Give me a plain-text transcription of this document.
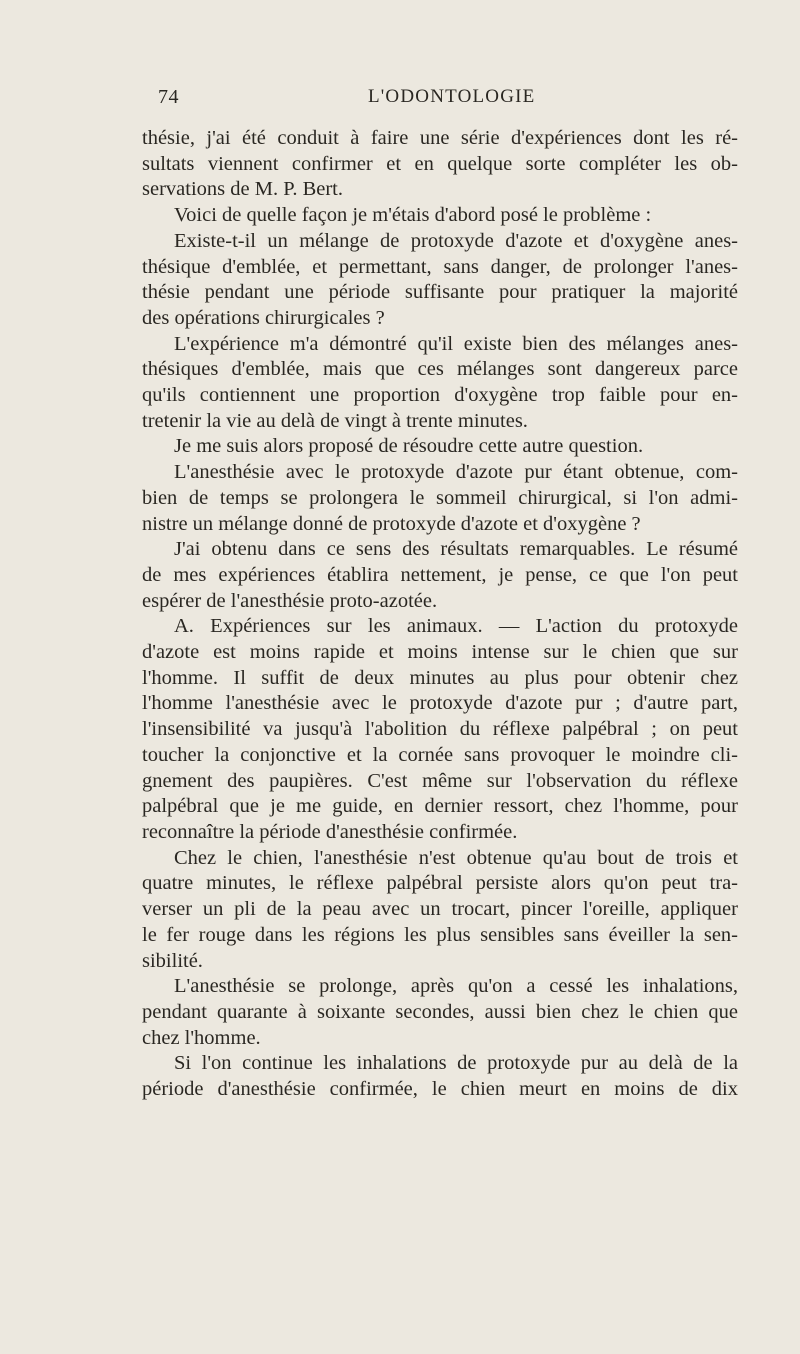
74	L'ODONTOLOGIE
thésie, j'ai été conduit à faire une série d'expériences dont les ré-
sultats viennent confirmer et en quelque sorte compléter les ob-
servations de M. P. Bert.
Voici de quelle façon je m'étais d'abord posé le problème :
Existe-t-il un mélange de protoxyde d'azote et d'oxygène anes-
thésique d'emblée, et permettant, sans danger, de prolonger l'anes-
thésie pendant une période suffisante pour pratiquer la majorité
des opérations chirurgicales ?
L'expérience m'a démontré qu'il existe bien des mélanges anes-
thésiques d'emblée, mais que ces mélanges sont dangereux parce
qu'ils contiennent une proportion d'oxygène trop faible pour en-
tretenir la vie au delà de vingt à trente minutes.
Je me suis alors proposé de résoudre cette autre question.
L'anesthésie avec le protoxyde d'azote pur étant obtenue, com-
bien de temps se prolongera le sommeil chirurgical, si l'on admi-
nistre un mélange donné de protoxyde d'azote et d'oxygène ?
J'ai obtenu dans ce sens des résultats remarquables. Le résumé
de mes expériences établira nettement, je pense, ce que l'on peut
espérer de l'anesthésie proto-azotée.
A. Expériences sur les animaux. — L'action du protoxyde
d'azote est moins rapide et moins intense sur le chien que sur
l'homme. Il suffit de deux minutes au plus pour obtenir chez
l'homme l'anesthésie avec le protoxyde d'azote pur ; d'autre part,
l'insensibilité va jusqu'à l'abolition du réflexe palpébral ; on peut
toucher la conjonctive et la cornée sans provoquer le moindre cli-
gnement des paupières. C'est même sur l'observation du réflexe
palpébral que je me guide, en dernier ressort, chez l'homme, pour
reconnaître la période d'anesthésie confirmée.
Chez le chien, l'anesthésie n'est obtenue qu'au bout de trois et
quatre minutes, le réflexe palpébral persiste alors qu'on peut tra-
verser un pli de la peau avec un trocart, pincer l'oreille, appliquer
le fer rouge dans les régions les plus sensibles sans éveiller la sen-
sibilité.
L'anesthésie se prolonge, après qu'on a cessé les inhalations,
pendant quarante à soixante secondes, aussi bien chez le chien que
chez l'homme.
Si l'on continue les inhalations de protoxyde pur au delà de la
période d'anesthésie confirmée, le chien meurt en moins de dix
